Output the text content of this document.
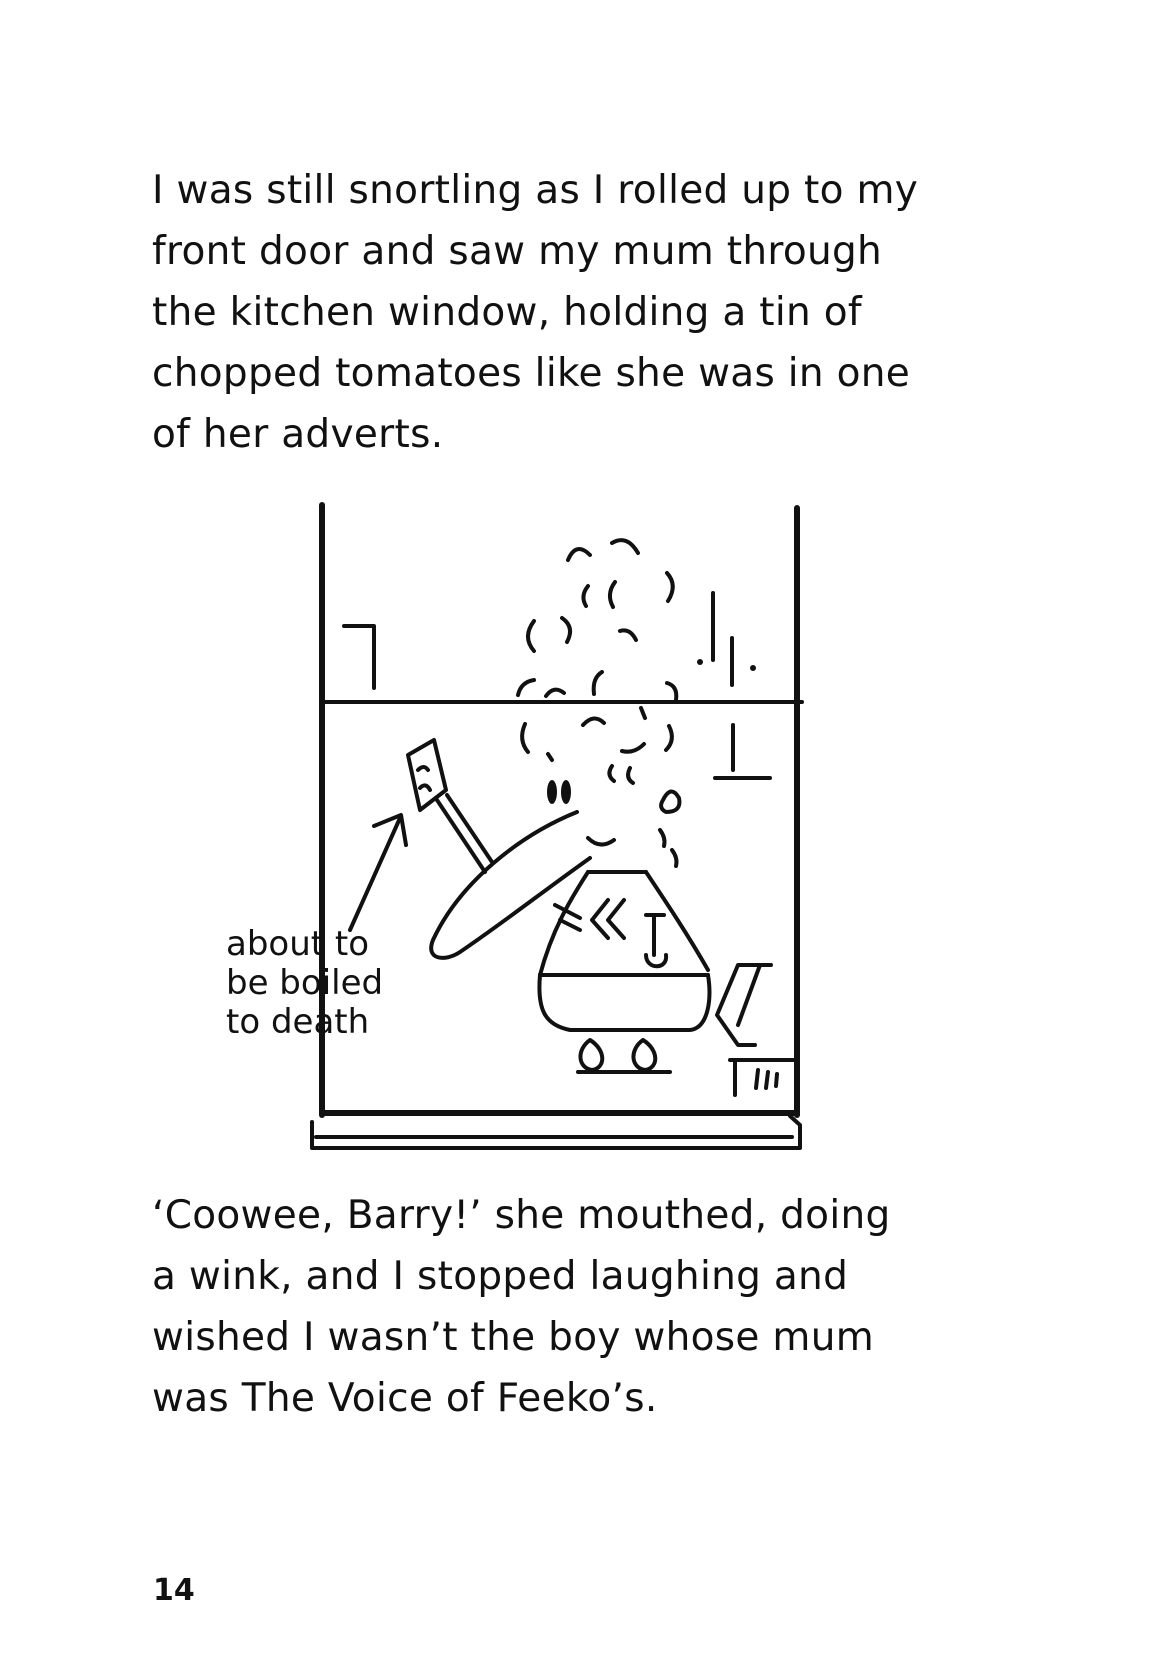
I was still snortling as I rolled up to my
front door and saw my mum through
the kitchen window, holding a tin of
chopped tomatoes like she was in one
of her adverts.

about to
be boiled
to death

‘Coowee, Barry!’ she mouthed, doing
a wink, and I stopped laughing and
wished I wasn’t the boy whose mum
was The Voice of Feeko’s.

14
